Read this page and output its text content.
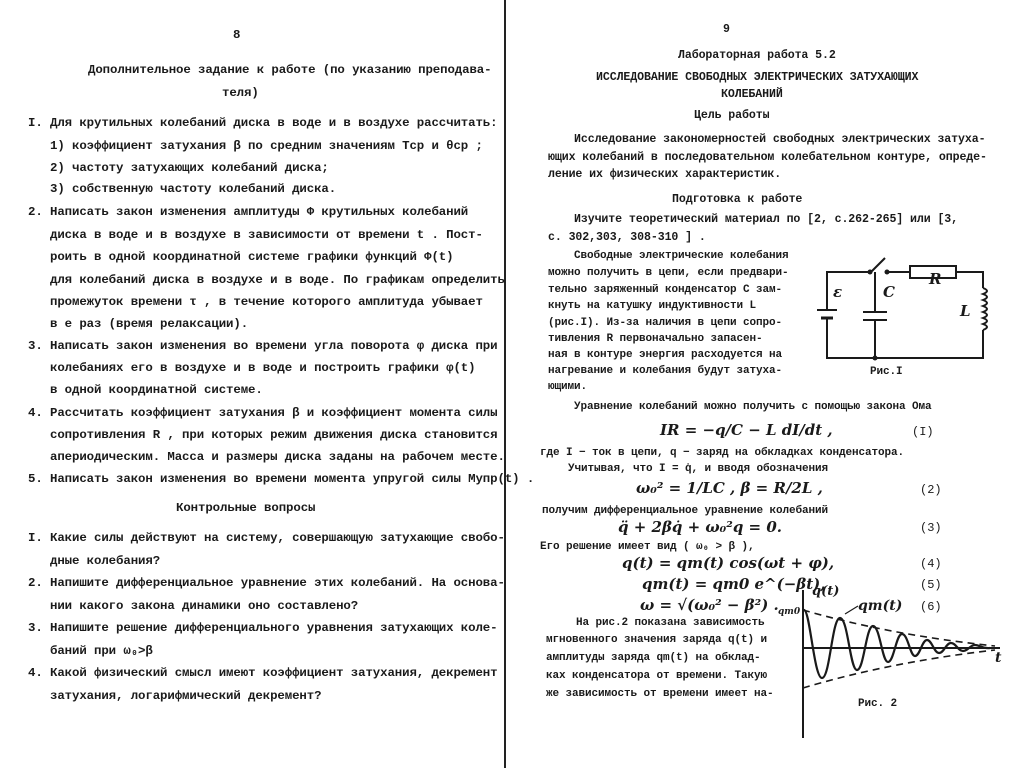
8
Дополнительное задание к работе (по указанию преподава-
теля)
I. Для крутильных колебаний диска в воде и в воздухе рассчитать:
1) коэффициент затухания β по средним значениям Tср и θср ;
2) частоту затухающих колебаний диска;
3) собственную частоту колебаний диска.
2. Написать закон изменения амплитуды Φ крутильных колебаний
диска в воде и в воздухе в зависимости от времени t . Пост-
роить в одной координатной системе графики функций Φ(t)
для колебаний диска в воздухе и в воде. По графикам определить
промежуток времени τ , в течение которого амплитуда убывает
в e раз (время релаксации).
3. Написать закон изменения во времени угла поворота φ диска при
колебаниях его в воздухе и в воде и построить графики φ(t)
в одной координатной системе.
4. Рассчитать коэффициент затухания β и коэффициент момента силы
сопротивления R , при которых режим движения диска становится
апериодическим. Масса и размеры диска заданы на рабочем месте.
5. Написать закон изменения во времени момента упругой силы Mупр(t) .
Контрольные вопросы
I. Какие силы действуют на систему, совершающую затухающие свобо-
дные колебания?
2. Напишите дифференциальное уравнение этих колебаний. На основа-
нии какого закона динамики оно составлено?
3. Напишите решение дифференциального уравнения затухающих коле-
баний при ω₀>β
4. Какой физический смысл имеют коэффициент затухания, декремент
затухания, логарифмический декремент?
9
Лабораторная работа 5.2
ИССЛЕДОВАНИЕ СВОБОДНЫХ ЭЛЕКТРИЧЕСКИХ ЗАТУХАЮЩИХ
КОЛЕБАНИЙ
Цель работы
Исследование закономерностей свободных электрических затуха-
ющих колебаний в последовательном колебательном контуре, опреде-
ление их физических характеристик.
Подготовка к работе
Изучите теоретический материал по [2, с.262-265] или [3,
с. 302,303, 308-310 ] .
Свободные электрические колебания
можно получить в цепи, если предвари-
тельно заряженный конденсатор C зам-
кнуть на катушку индуктивности L
(рис.I). Из-за наличия в цепи сопро-
тивления R первоначально запасен-
ная в контуре энергия расходуется на
нагревание и колебания будут затуха-
ющими.
ε	C
R
L
Рис.I
Уравнение колебаний можно получить с помощью закона Ома
IR = −q/C − L dI/dt ,	(I)
где I − ток в цепи, q − заряд на обкладках конденсатора.
Учитывая, что I = q̇, и вводя обозначения
ω₀² = 1/LC , β = R/2L ,	(2)
получим дифференциальное уравнение колебаний
q̈ + 2βq̇ + ω₀²q = 0.	(3)
Его решение имеет вид ( ω₀ > β ),
q(t) = qm(t) cos(ωt + φ),	(4)
qm(t) = qm0 e^(−βt),	(5)
ω = √(ω₀² − β²) .	(6)
На рис.2 показана зависимость
мгновенного значения заряда q(t) и
амплитуды заряда qm(t) на обклад-
ках конденсатора от времени. Такую
же зависимость от времени имеет на-
q(t)
qm0	qm(t)
t
Рис. 2
